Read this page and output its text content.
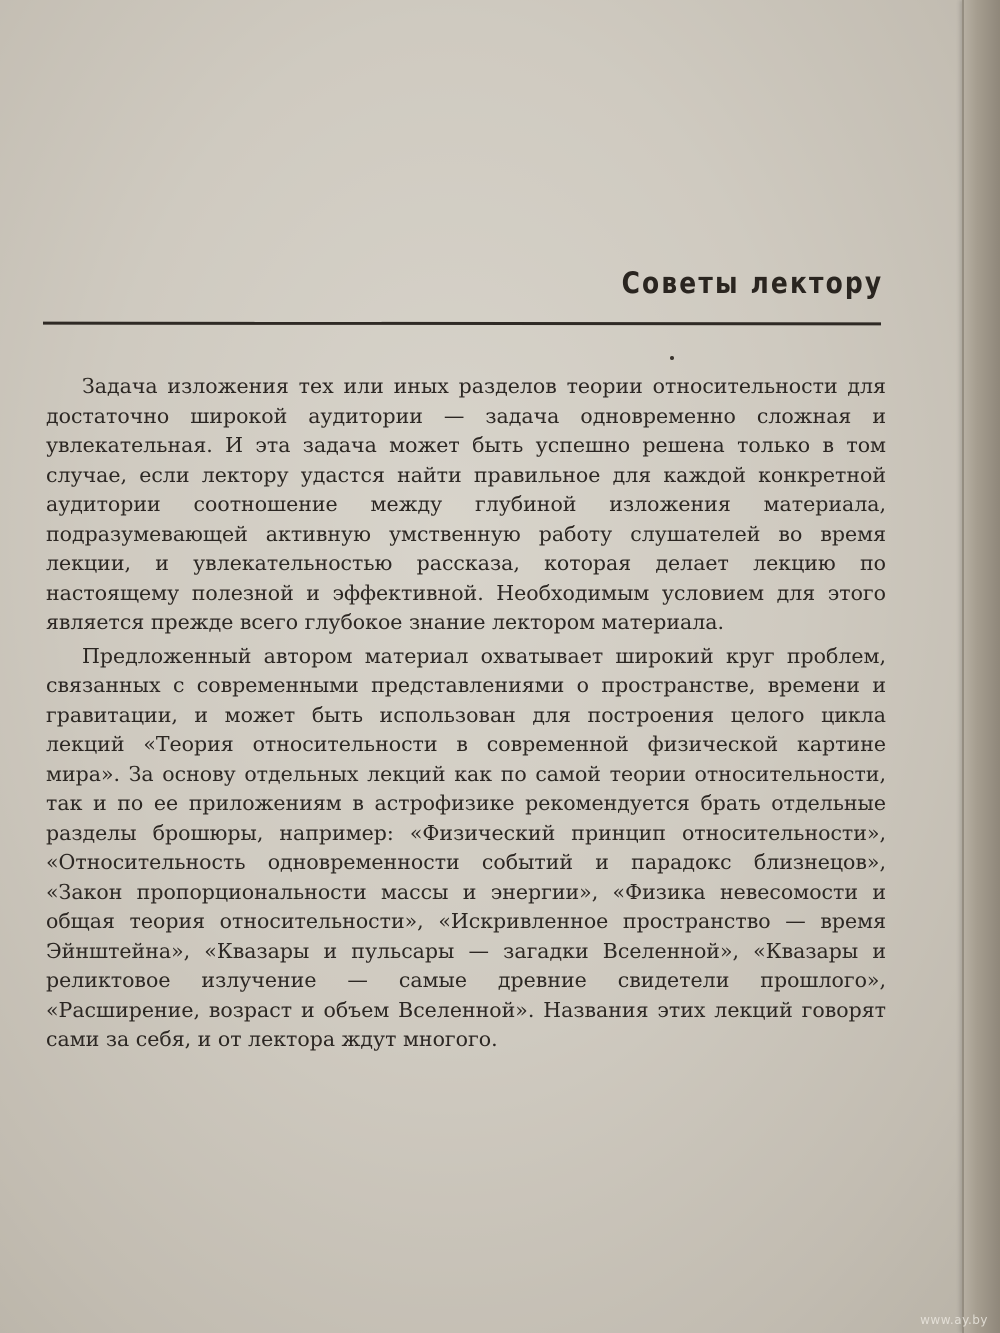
Советы лектору

Задача изложения тех или иных разделов теории относительности для достаточно широкой аудитории — задача одновременно сложная и увлекательная. И эта задача может быть успешно решена только в том случае, если лектору удастся найти правильное для каждой конкретной аудитории соотношение между глубиной изложения материала, подразумевающей активную умственную работу слушателей во время лекции, и увлекательностью рассказа, которая делает лекцию по настоящему полезной и эффективной. Необходимым условием для этого является прежде всего глубокое знание лектором материала.

Предложенный автором материал охватывает широкий круг проблем, связанных с современными представлениями о пространстве, времени и гравитации, и может быть использован для построения целого цикла лекций «Теория относительности в современной физической картине мира». За основу отдельных лекций как по самой теории относительности, так и по ее приложениям в астрофизике рекомендуется брать отдельные разделы брошюры, например: «Физический принцип относительности», «Относительность одновременности событий и парадокс близнецов», «Закон пропорциональности массы и энергии», «Физика невесомости и общая теория относительности», «Искривленное пространство — время Эйнштейна», «Квазары и пульсары — загадки Вселенной», «Квазары и реликтовое излучение — самые древние свидетели прошлого», «Расширение, возраст и объем Вселенной». Названия этих лекций говорят сами за себя, и от лектора ждут многого.

www.ay.by
